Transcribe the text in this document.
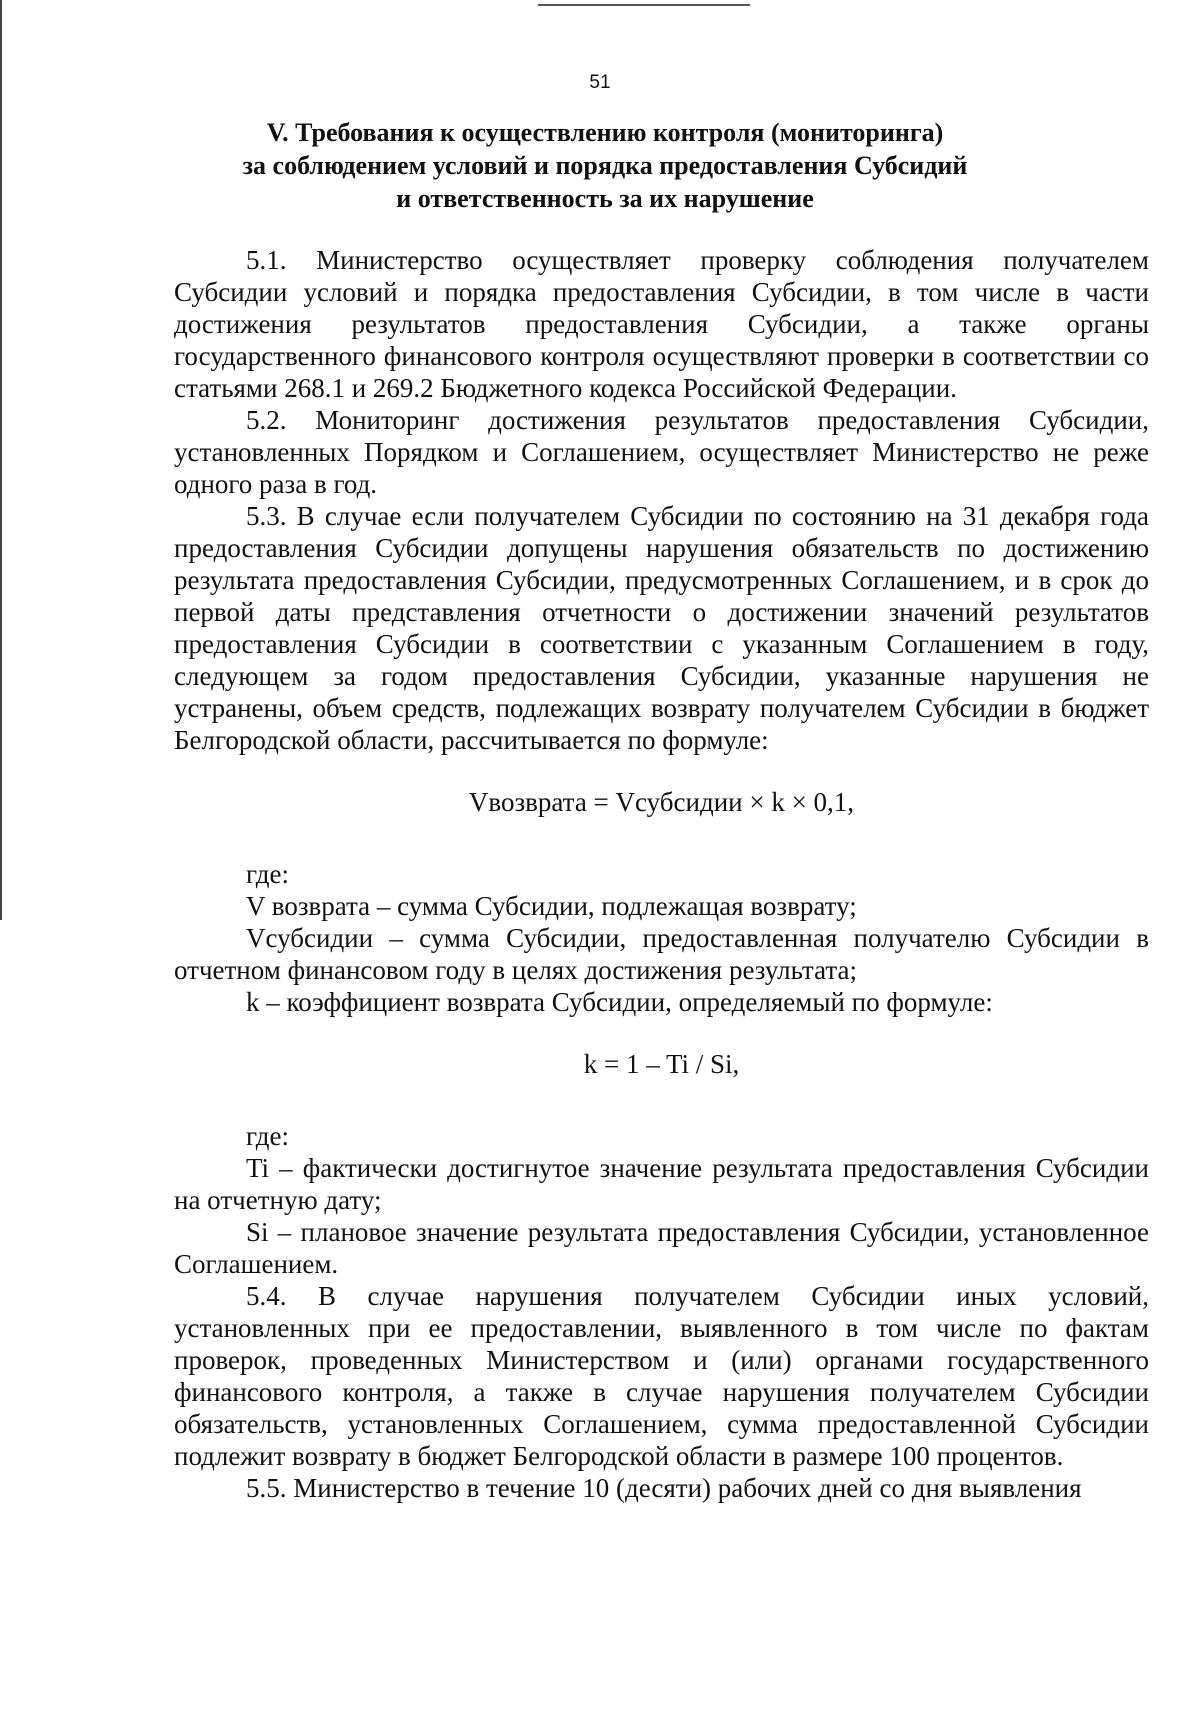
51
V. Требования к осуществлению контроля (мониторинга)
за соблюдением условий и порядка предоставления Субсидий
и ответственность за их нарушение

5.1. Министерство осуществляет проверку соблюдения получателем Субсидии условий и порядка предоставления Субсидии, в том числе в части достижения результатов предоставления Субсидии, а также органы государственного финансового контроля осуществляют проверки в соответствии со статьями 268.1 и 269.2 Бюджетного кодекса Российской Федерации.

5.2. Мониторинг достижения результатов предоставления Субсидии, установленных Порядком и Соглашением, осуществляет Министерство не реже одного раза в год.

5.3. В случае если получателем Субсидии по состоянию на 31 декабря года предоставления Субсидии допущены нарушения обязательств по достижению результата предоставления Субсидии, предусмотренных Соглашением, и в срок до первой даты представления отчетности о достижении значений результатов предоставления Субсидии в соответствии с указанным Соглашением в году, следующем за годом предоставления Субсидии, указанные нарушения не устранены, объем средств, подлежащих возврату получателем Субсидии в бюджет Белгородской области, рассчитывается по формуле:

Vвозврата = Vсубсидии × k × 0,1,

где:

V возврата – сумма Субсидии, подлежащая возврату;

Vсубсидии – сумма Субсидии, предоставленная получателю Субсидии в отчетном финансовом году в целях достижения результата;

k – коэффициент возврата Субсидии, определяемый по формуле:

k = 1 – Ti / Si,

где:

Ti – фактически достигнутое значение результата предоставления Субсидии на отчетную дату;

Si – плановое значение результата предоставления Субсидии, установленное Соглашением.

5.4. В случае нарушения получателем Субсидии иных условий, установленных при ее предоставлении, выявленного в том числе по фактам проверок, проведенных Министерством и (или) органами государственного финансового контроля, а также в случае нарушения получателем Субсидии обязательств, установленных Соглашением, сумма предоставленной Субсидии подлежит возврату в бюджет Белгородской области в размере 100 процентов.

5.5. Министерство в течение 10 (десяти) рабочих дней со дня выявления
